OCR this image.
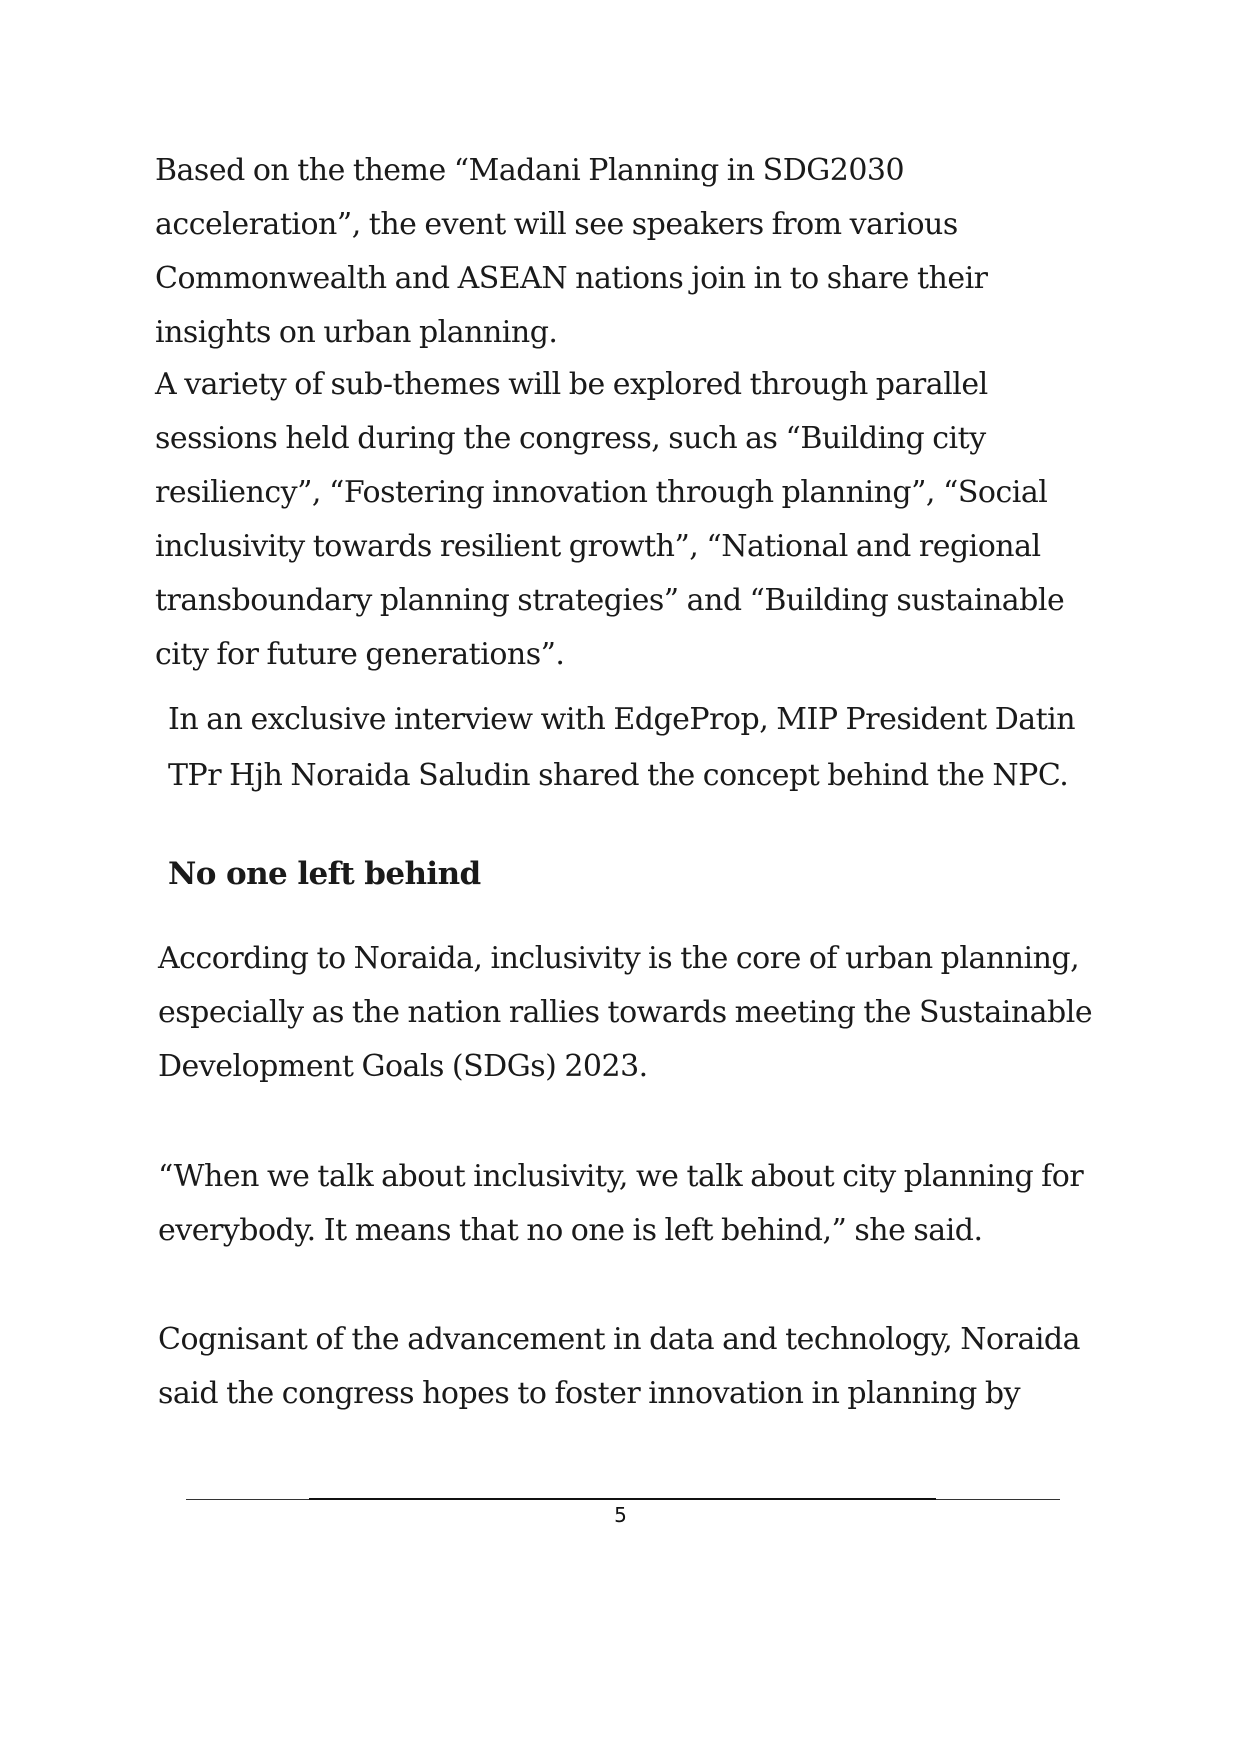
Based on the theme “Madani Planning in SDG2030 acceleration”, the event will see speakers from various Commonwealth and ASEAN nations join in to share their insights on urban planning.

A variety of sub-themes will be explored through parallel sessions held during the congress, such as “Building city resiliency”, “Fostering innovation through planning”, “Social inclusivity towards resilient growth”, “National and regional transboundary planning strategies” and “Building sustainable city for future generations”.

In an exclusive interview with EdgeProp, MIP President Datin TPr Hjh Noraida Saludin shared the concept behind the NPC.

No one left behind

According to Noraida, inclusivity is the core of urban planning, especially as the nation rallies towards meeting the Sustainable Development Goals (SDGs) 2023.

“When we talk about inclusivity, we talk about city planning for everybody. It means that no one is left behind,” she said.

Cognisant of the advancement in data and technology, Noraida said the congress hopes to foster innovation in planning by

5
